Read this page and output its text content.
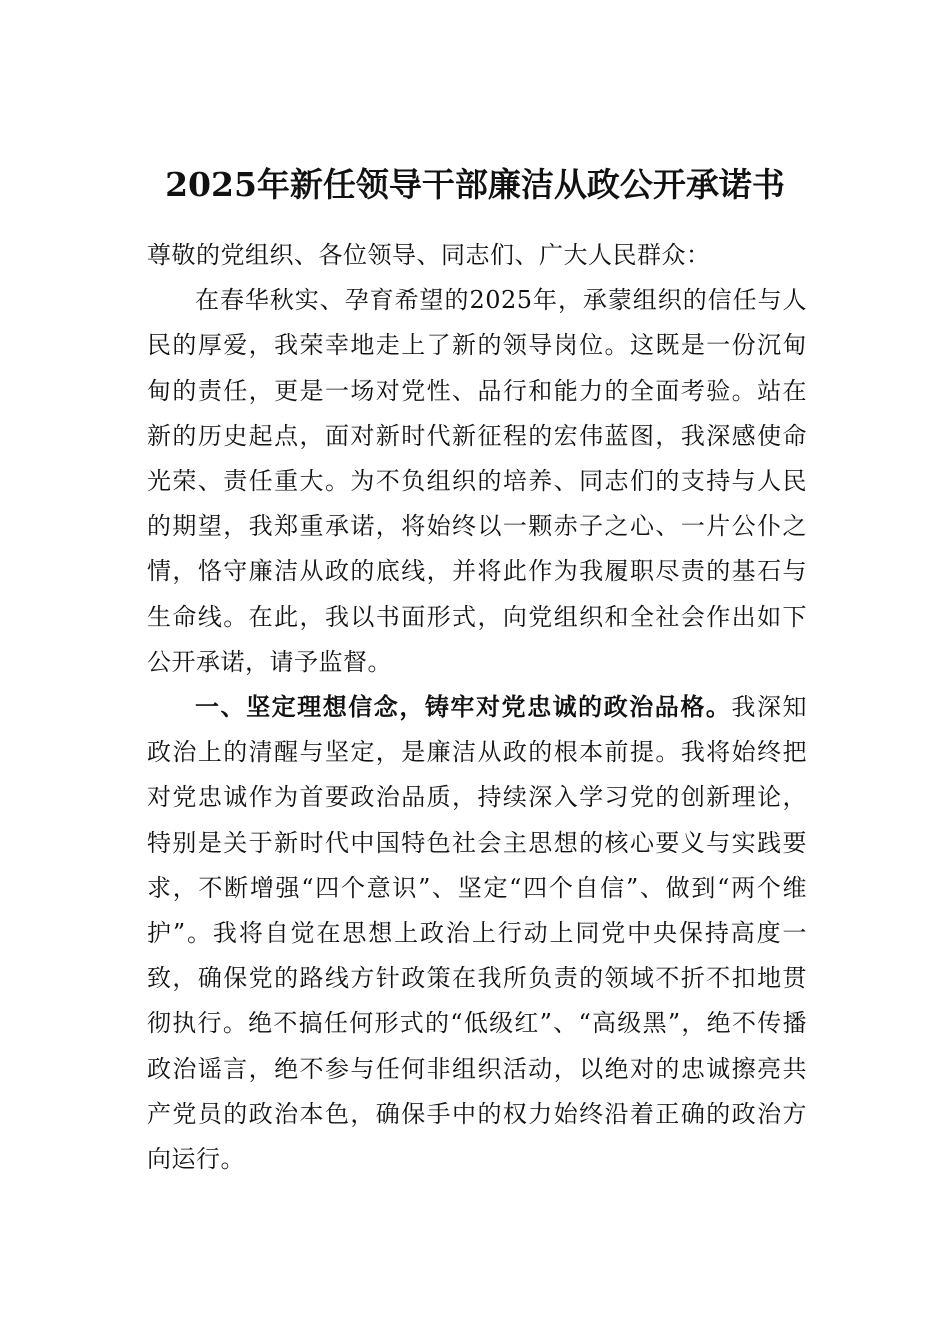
2025年新任领导干部廉洁从政公开承诺书

尊敬的党组织、各位领导、同志们、广大人民群众：

在春华秋实、孕育希望的2025年，承蒙组织的信任与人民的厚爱，我荣幸地走上了新的领导岗位。这既是一份沉甸甸的责任，更是一场对党性、品行和能力的全面考验。站在新的历史起点，面对新时代新征程的宏伟蓝图，我深感使命光荣、责任重大。为不负组织的培养、同志们的支持与人民的期望，我郑重承诺，将始终以一颗赤子之心、一片公仆之情，恪守廉洁从政的底线，并将此作为我履职尽责的基石与生命线。在此，我以书面形式，向党组织和全社会作出如下公开承诺，请予监督。

一、坚定理想信念，铸牢对党忠诚的政治品格。我深知政治上的清醒与坚定，是廉洁从政的根本前提。我将始终把对党忠诚作为首要政治品质，持续深入学习党的创新理论，特别是关于新时代中国特色社会主思想的核心要义与实践要求，不断增强“四个意识”、坚定“四个自信”、做到“两个维护”。我将自觉在思想上政治上行动上同党中央保持高度一致，确保党的路线方针政策在我所负责的领域不折不扣地贯彻执行。绝不搞任何形式的“低级红”、“高级黑”，绝不传播政治谣言，绝不参与任何非组织活动，以绝对的忠诚擦亮共产党员的政治本色，确保手中的权力始终沿着正确的政治方向运行。
